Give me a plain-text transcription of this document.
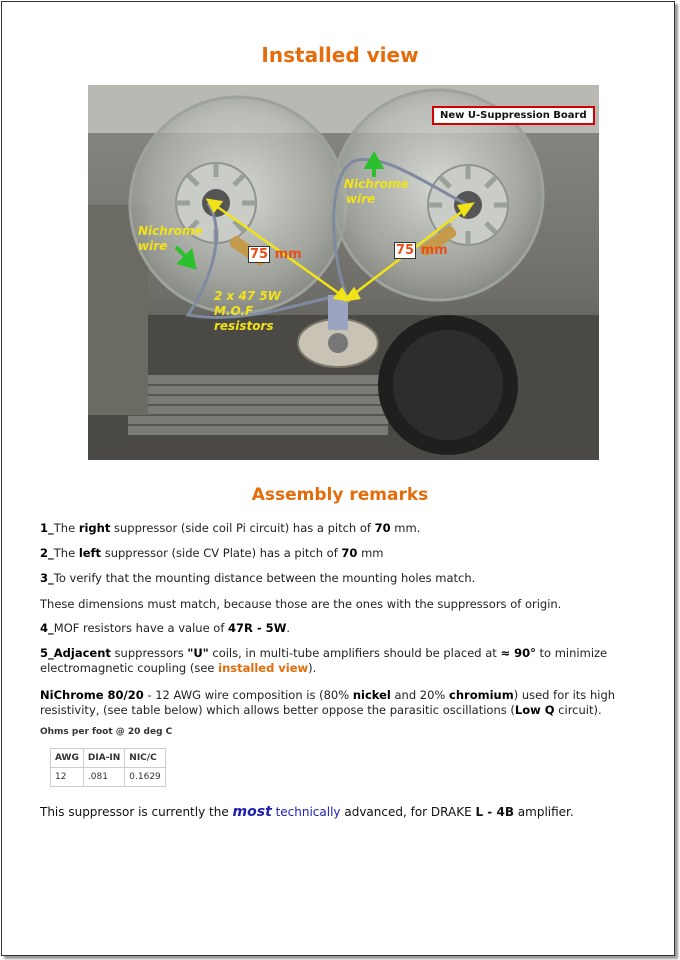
Installed view
New U-Suppression Board
Nichrome
wire
Nichrome
wire
2 x 47 5W
M.O.F
resistors
75 mm	75 mm
Assembly remarks
1_The right suppressor (side coil Pi circuit) has a pitch of 70 mm.
2_The left suppressor (side CV Plate) has a pitch of 70 mm
3_To verify that the mounting distance between the mounting holes match.
These dimensions must match, because those are the ones with the suppressors of origin.
4_MOF resistors have a value of 47R - 5W.
5_Adjacent suppressors "U" coils, in multi-tube amplifiers should be placed at ≈ 90° to minimize electromagnetic coupling (see installed view).
NiChrome 80/20 - 12 AWG wire composition is (80% nickel and 20% chromium) used for its high resistivity, (see table below) which allows better oppose the parasitic oscillations (Low Q circuit).
Ohms per foot @ 20 deg C
AWG	DIA-IN	NIC/C
12	.081	0.1629
This suppressor is currently the most technically advanced, for DRAKE L - 4B amplifier.
